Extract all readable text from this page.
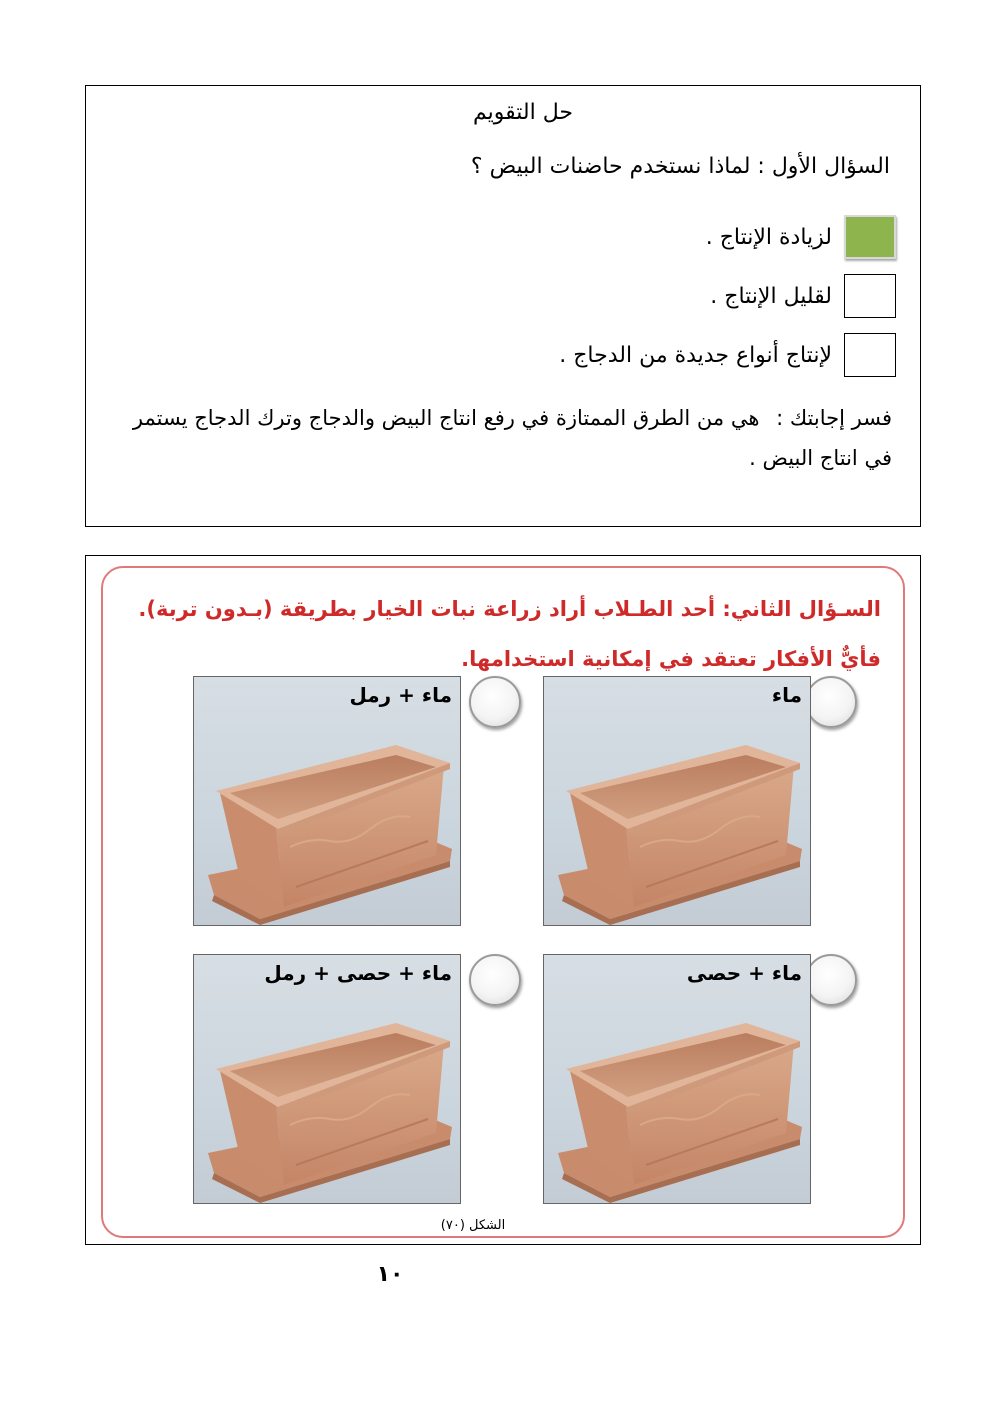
حل التقويم
السؤال الأول : لماذا نستخدم حاضنات البيض ؟
لزيادة الإنتاج .
لقليل الإنتاج .
لإنتاج أنواع جديدة من الدجاج .
فسر إجابتك : هي من الطرق الممتازة في رفع انتاج البيض والدجاج وترك الدجاج يستمر في انتاج البيض .
السـؤال الثاني: أحد الطـلاب أراد زراعة نبات الخيار بطريقة (بـدون تربة). فأيٌّ الأفكار تعتقد في إمكانية استخدامها.
ماء
ماء + رمل
ماء + حصى
ماء + حصى + رمل
الشكل (٧٠)
١٠
